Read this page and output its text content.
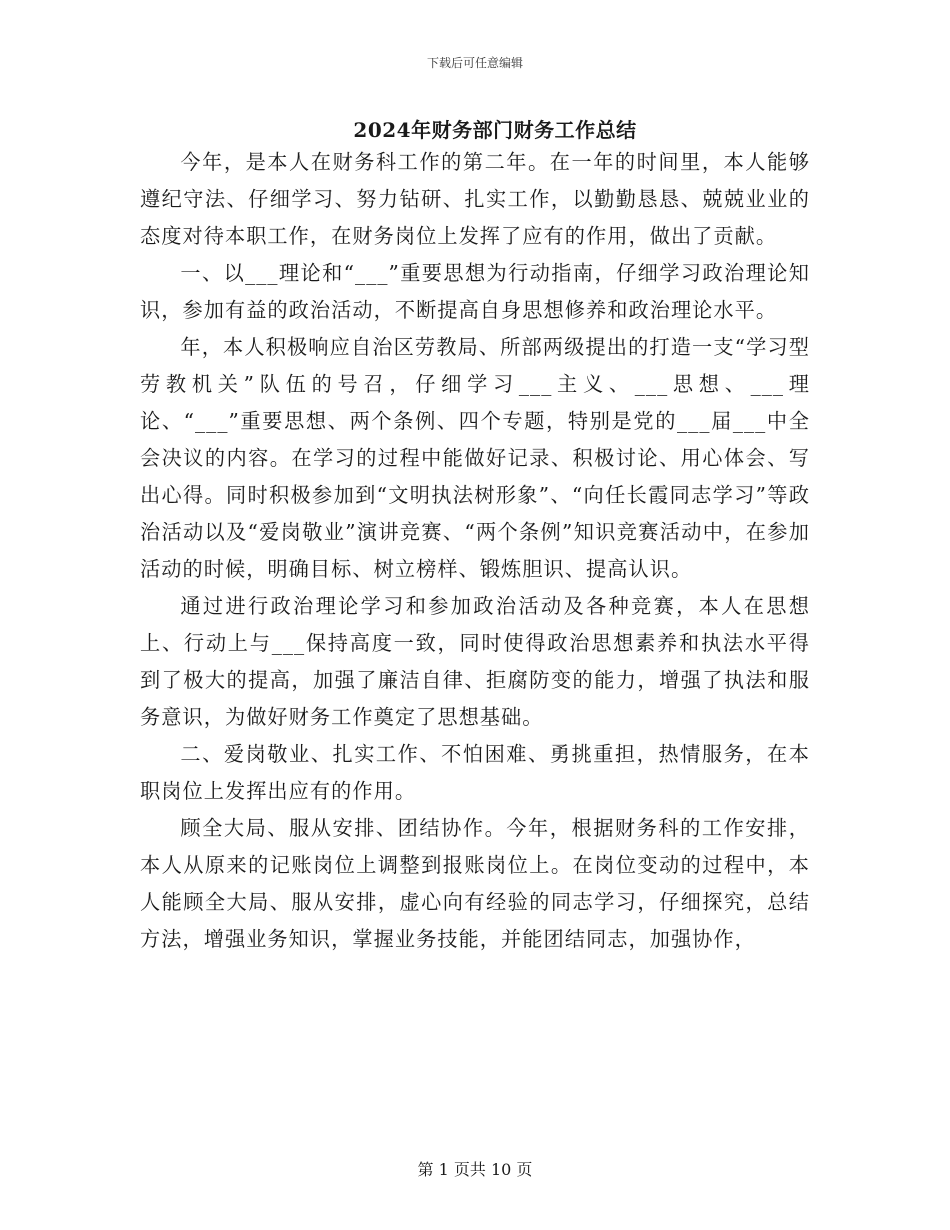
下载后可任意编辑
2024年财务部门财务工作总结

今年，是本人在财务科工作的第二年。在一年的时间里，本人能够遵纪守法、仔细学习、努力钻研、扎实工作，以勤勤恳恳、兢兢业业的态度对待本职工作，在财务岗位上发挥了应有的作用，做出了贡献。

一、以___理论和“___”重要思想为行动指南，仔细学习政治理论知识，参加有益的政治活动，不断提高自身思想修养和政治理论水平。

年，本人积极响应自治区劳教局、所部两级提出的打造一支“学习型劳教机关”队伍的号召，仔细学习___主义、___思想、___理论、“___”重要思想、两个条例、四个专题，特别是党的___届___中全会决议的内容。在学习的过程中能做好记录、积极讨论、用心体会、写出心得。同时积极参加到“文明执法树形象”、“向任长霞同志学习”等政治活动以及“爱岗敬业”演讲竞赛、“两个条例”知识竞赛活动中，在参加活动的时候，明确目标、树立榜样、锻炼胆识、提高认识。

通过进行政治理论学习和参加政治活动及各种竞赛，本人在思想上、行动上与___保持高度一致，同时使得政治思想素养和执法水平得到了极大的提高，加强了廉洁自律、拒腐防变的能力，增强了执法和服务意识，为做好财务工作奠定了思想基础。

二、爱岗敬业、扎实工作、不怕困难、勇挑重担，热情服务，在本职岗位上发挥出应有的作用。

顾全大局、服从安排、团结协作。今年，根据财务科的工作安排，本人从原来的记账岗位上调整到报账岗位上。在岗位变动的过程中，本人能顾全大局、服从安排，虚心向有经验的同志学习，仔细探究，总结方法，增强业务知识，掌握业务技能，并能团结同志，加强协作，

第 1 页共 10 页
